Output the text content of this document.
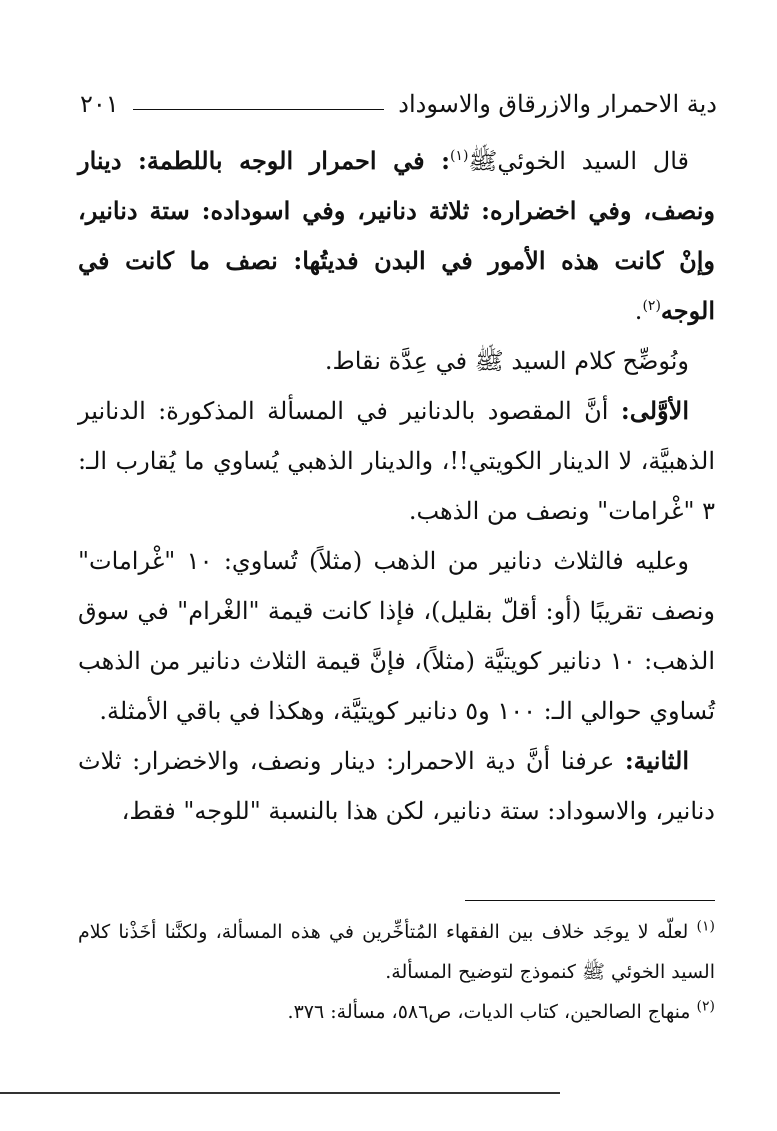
دية الاحمرار والازرقاق والاسوداد
٢٠١

قال السيد الخوئيﷺ$^{(١)}$: في احمرار الوجه باللطمة: دينار ونصف، وفي اخضراره: ثلاثة دنانير، وفي اسوداده: ستة دنانير، وإنْ كانت هذه الأمور في البدن فديتُها: نصف ما كانت في الوجه$^{(٢)}$.

ونُوضِّح كلام السيد ﷺ في عِدَّة نقاط.

الأوَّلى: أنَّ المقصود بالدنانير في المسألة المذكورة: الدنانير الذهبيَّة، لا الدينار الكويتي!!، والدينار الذهبي يُساوي ما يُقارب الـ: ٣ "غْرامات" ونصف من الذهب.

وعليه فالثلاث دنانير من الذهب (مثلاً) تُساوي: ١٠ "غْرامات" ونصف تقريبًا (أو: أقلّ بقليل)، فإذا كانت قيمة "الغْرام" في سوق الذهب: ١٠ دنانير كويتيَّة (مثلاً)، فإنَّ قيمة الثلاث دنانير من الذهب تُساوي حوالي الـ: ١٠٠ و٥ دنانير كويتيَّة، وهكذا في باقي الأمثلة.

الثانية: عرفنا أنَّ دية الاحمرار: دينار ونصف، والاخضرار: ثلاث دنانير، والاسوداد: ستة دنانير، لكن هذا بالنسبة "للوجه" فقط،

$^{(١)}$ لعلّه لا يوجَد خلاف بين الفقهاء المُتأخِّرين في هذه المسألة، ولكنَّنا أخَذْنا كلام السيد الخوئي ﷺ كنموذج لتوضيح المسألة.

$^{(٢)}$ منهاج الصالحين، كتاب الديات، ص٥٨٦، مسألة: ٣٧٦.
